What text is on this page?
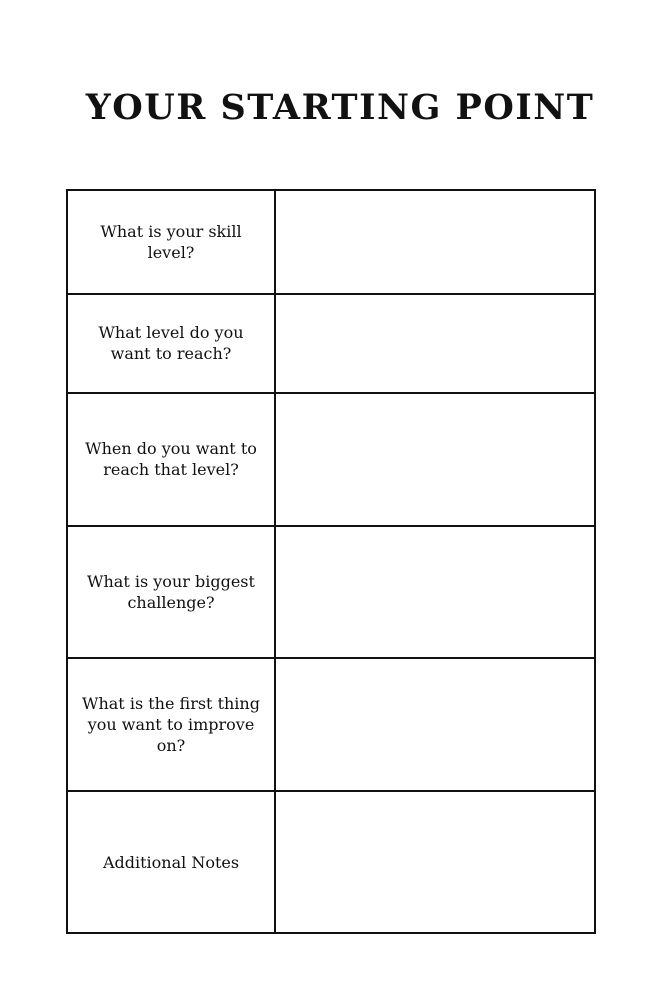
YOUR STARTING POINT
What is your skill level?	
What level do you want to reach?	
When do you want to reach that level?	
What is your biggest challenge?	
What is the first thing you want to improve on?	
Additional Notes	
